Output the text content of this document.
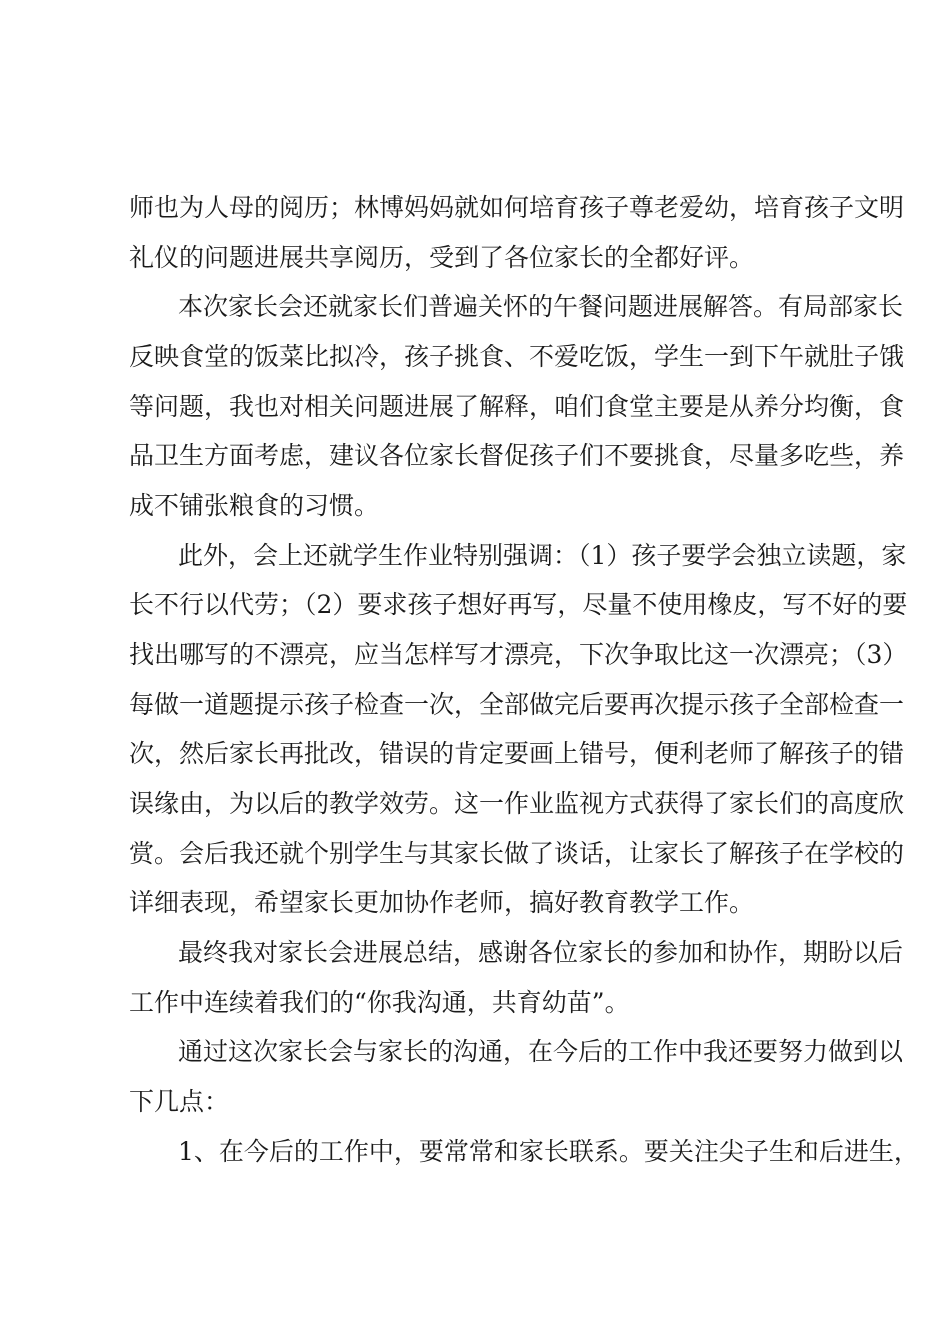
师也为人母的阅历；林博妈妈就如何培育孩子尊老爱幼，培育孩子文明
礼仪的问题进展共享阅历，受到了各位家长的全都好评。
本次家长会还就家长们普遍关怀的午餐问题进展解答。有局部家长
反映食堂的饭菜比拟冷，孩子挑食、不爱吃饭，学生一到下午就肚子饿
等问题，我也对相关问题进展了解释，咱们食堂主要是从养分均衡，食
品卫生方面考虑，建议各位家长督促孩子们不要挑食，尽量多吃些，养
成不铺张粮食的习惯。
此外，会上还就学生作业特别强调：（1）孩子要学会独立读题，家
长不行以代劳；（2）要求孩子想好再写，尽量不使用橡皮，写不好的要
找出哪写的不漂亮，应当怎样写才漂亮，下次争取比这一次漂亮；（3）
每做一道题提示孩子检查一次，全部做完后要再次提示孩子全部检查一
次，然后家长再批改，错误的肯定要画上错号，便利老师了解孩子的错
误缘由，为以后的教学效劳。这一作业监视方式获得了家长们的高度欣
赏。会后我还就个别学生与其家长做了谈话，让家长了解孩子在学校的
详细表现，希望家长更加协作老师，搞好教育教学工作。
最终我对家长会进展总结，感谢各位家长的参加和协作，期盼以后
工作中连续着我们的“你我沟通，共育幼苗”。
通过这次家长会与家长的沟通，在今后的工作中我还要努力做到以
下几点：
1、在今后的工作中，要常常和家长联系。要关注尖子生和后进生，
